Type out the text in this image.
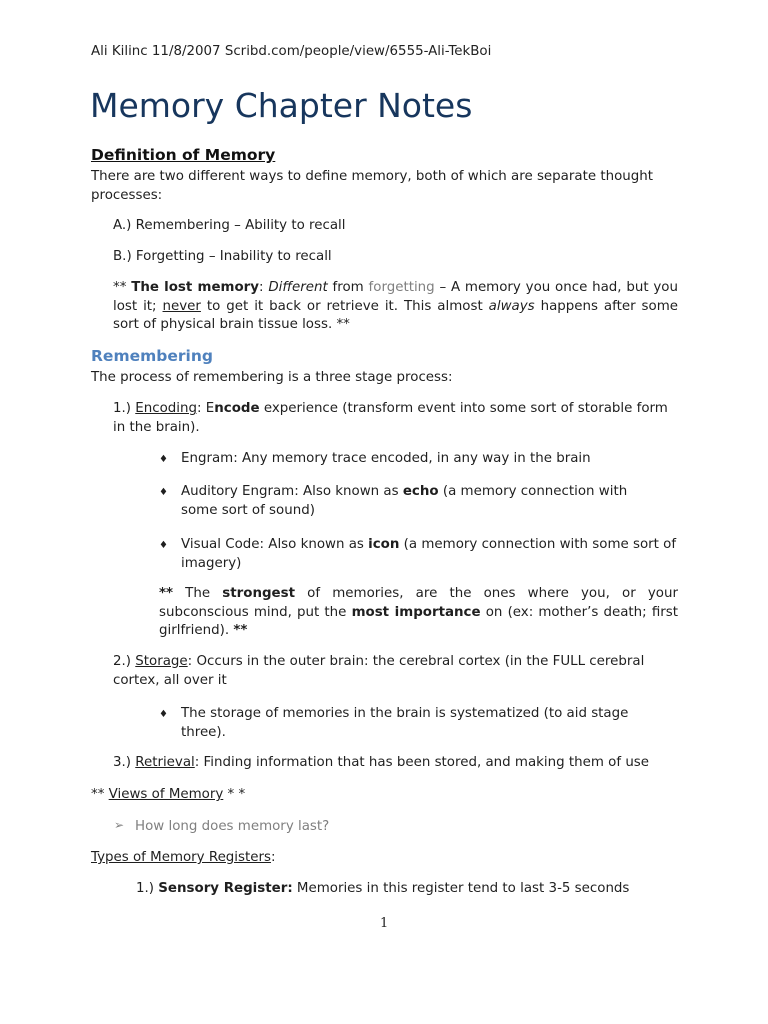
Ali Kilinc 11/8/2007 Scribd.com/people/view/6555-Ali-TekBoi
Memory Chapter Notes
Definition of Memory
There are two different ways to define memory, both of which are separate thought processes:
A.) Remembering – Ability to recall
B.) Forgetting – Inability to recall
** The lost memory: Different from forgetting – A memory you once had, but you lost it; never to get it back or retrieve it. This almost always happens after some sort of physical brain tissue loss. **
Remembering
The process of remembering is a three stage process:
1.) Encoding: Encode experience (transform event into some sort of storable form in the brain).
♦ Engram: Any memory trace encoded, in any way in the brain
♦ Auditory Engram: Also known as echo (a memory connection with some sort of sound)
♦ Visual Code: Also known as icon (a memory connection with some sort of imagery)
** The strongest of memories, are the ones where you, or your subconscious mind, put the most importance on (ex: mother’s death; first girlfriend). **
2.) Storage: Occurs in the outer brain: the cerebral cortex (in the FULL cerebral cortex, all over it
♦ The storage of memories in the brain is systematized (to aid stage three).
3.) Retrieval: Finding information that has been stored, and making them of use
** Views of Memory * *
➢ How long does memory last?
Types of Memory Registers:
1.) Sensory Register: Memories in this register tend to last 3-5 seconds
1
